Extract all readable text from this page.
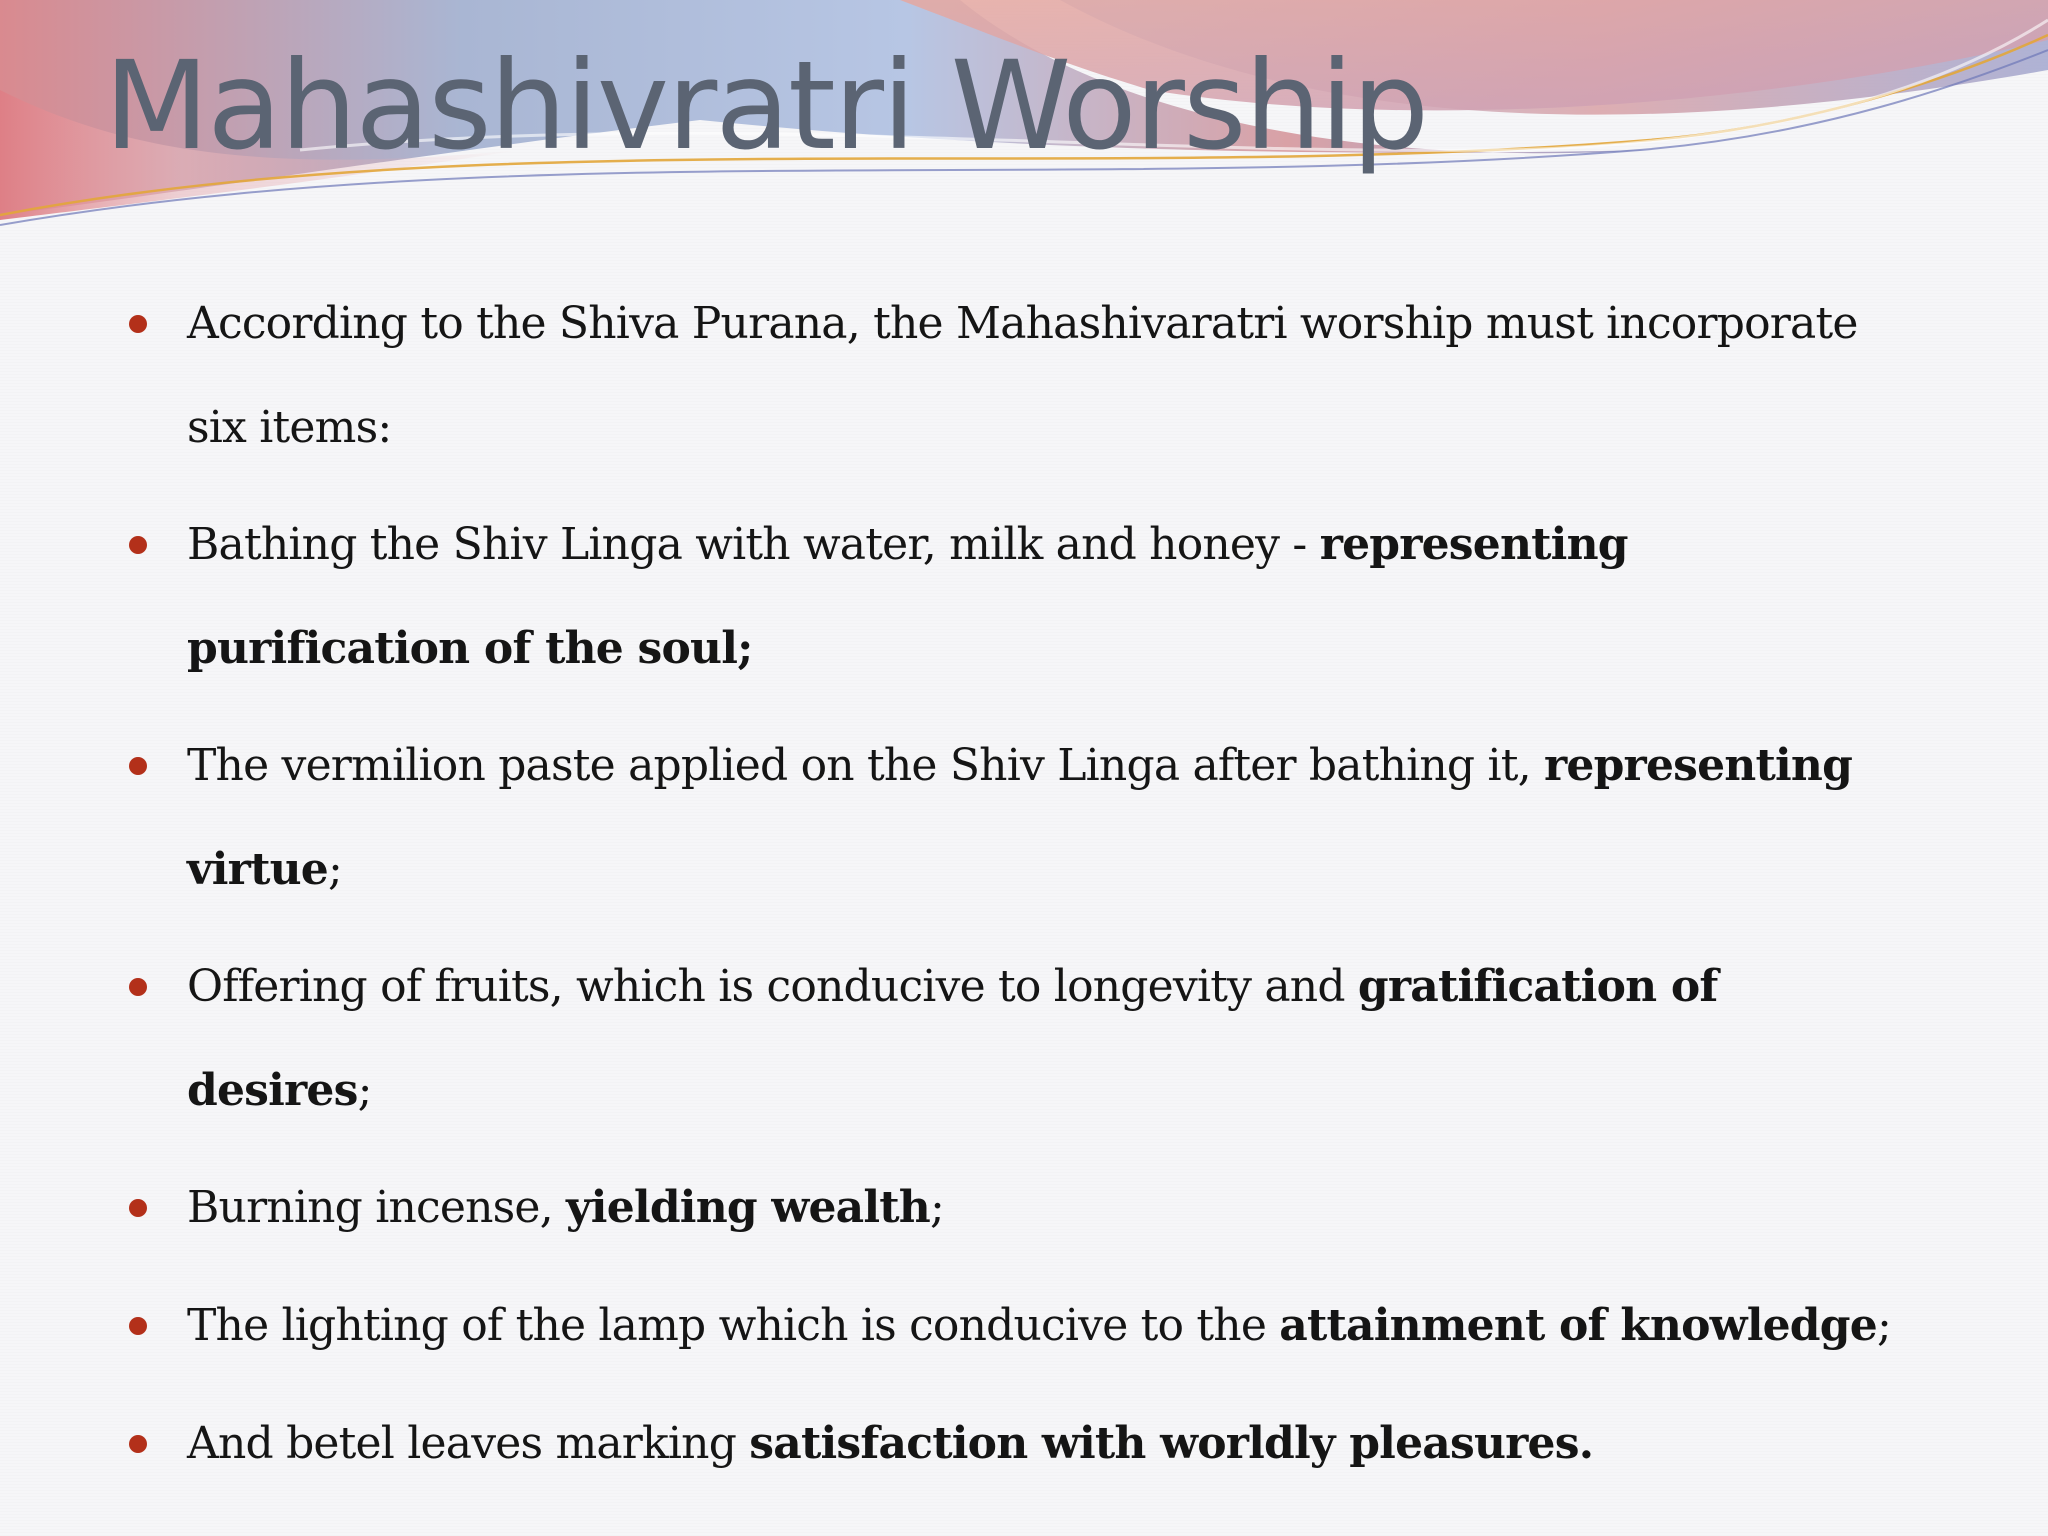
Mahashivratri Worship
According to the Shiva Purana, the Mahashivaratri worship must incorporate
six items:
Bathing the Shiv Linga with water, milk and honey - representing
purification of the soul;
The vermilion paste applied on the Shiv Linga after bathing it, representing
virtue;
Offering of fruits, which is conducive to longevity and gratification of
desires;
Burning incense, yielding wealth;
The lighting of the lamp which is conducive to the attainment of knowledge;
And betel leaves marking satisfaction with worldly pleasures.
